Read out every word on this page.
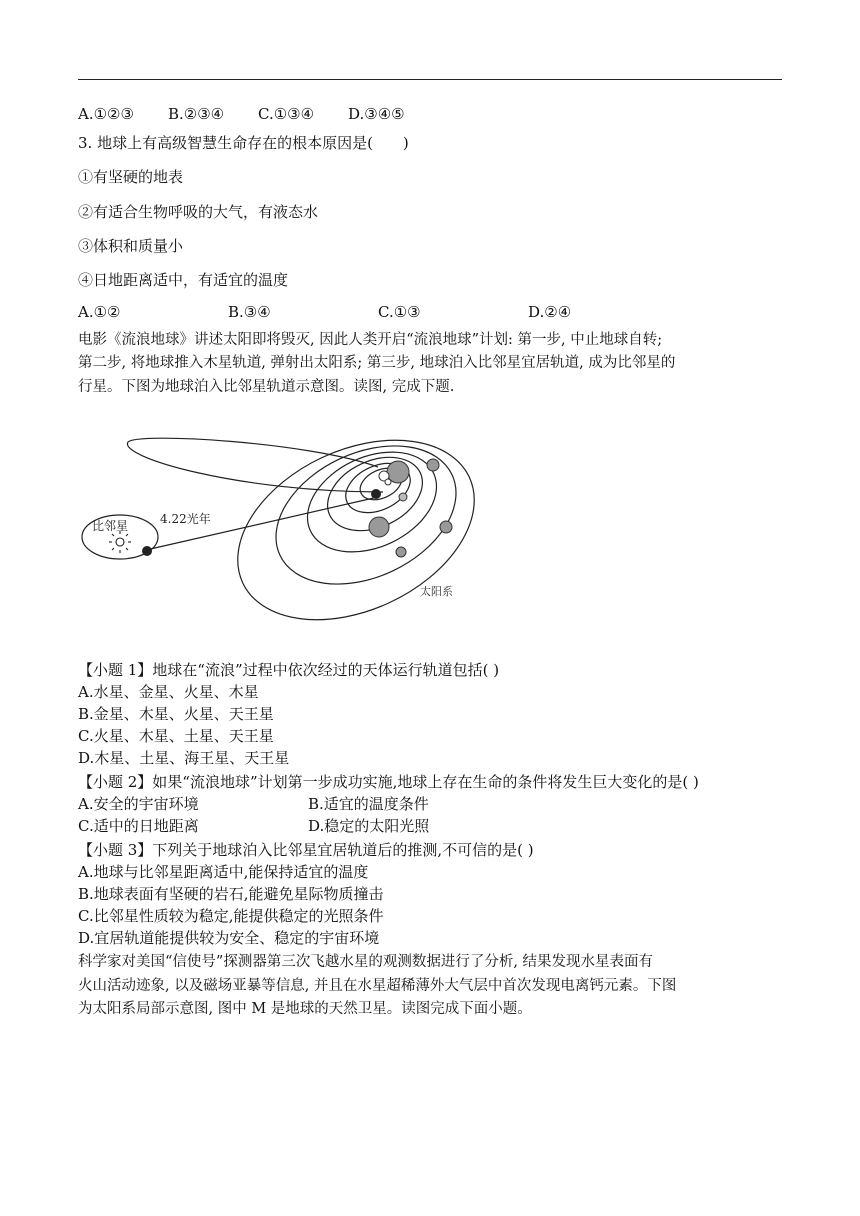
A.①②③ B.②③④ C.①③④ D.③④⑤
3. 地球上有高级智慧生命存在的根本原因是(　　)
①有坚硬的地表
②有适合生物呼吸的大气，有液态水
③体积和质量小
④日地距离适中，有适宜的温度
A.①②	B.③④	C.①③	D.②④
电影《流浪地球》讲述太阳即将毁灭, 因此人类开启“流浪地球”计划: 第一步, 中止地球自转;
第二步, 将地球推入木星轨道, 弹射出太阳系; 第三步, 地球泊入比邻星宜居轨道, 成为比邻星的
行星。下图为地球泊入比邻星轨道示意图。读图, 完成下题.
比邻星	4.22光年
太阳系
【小题 1】地球在“流浪”过程中依次经过的天体运行轨道包括( )
A.水星、金星、火星、木星
B.金星、木星、火星、天王星
C.火星、木星、土星、天王星
D.木星、土星、海王星、天王星
【小题 2】如果“流浪地球”计划第一步成功实施,地球上存在生命的条件将发生巨大变化的是( )
A.安全的宇宙环境	B.适宜的温度条件
C.适中的日地距离	D.稳定的太阳光照
【小题 3】下列关于地球泊入比邻星宜居轨道后的推测,不可信的是( )
A.地球与比邻星距离适中,能保持适宜的温度
B.地球表面有坚硬的岩石,能避免星际物质撞击
C.比邻星性质较为稳定,能提供稳定的光照条件
D.宜居轨道能提供较为安全、稳定的宇宙环境
科学家对美国“信使号”探测器第三次飞越水星的观测数据进行了分析, 结果发现水星表面有
火山活动迹象, 以及磁场亚暴等信息, 并且在水星超稀薄外大气层中首次发现电离钙元素。下图
为太阳系局部示意图, 图中 M 是地球的天然卫星。读图完成下面小题。
